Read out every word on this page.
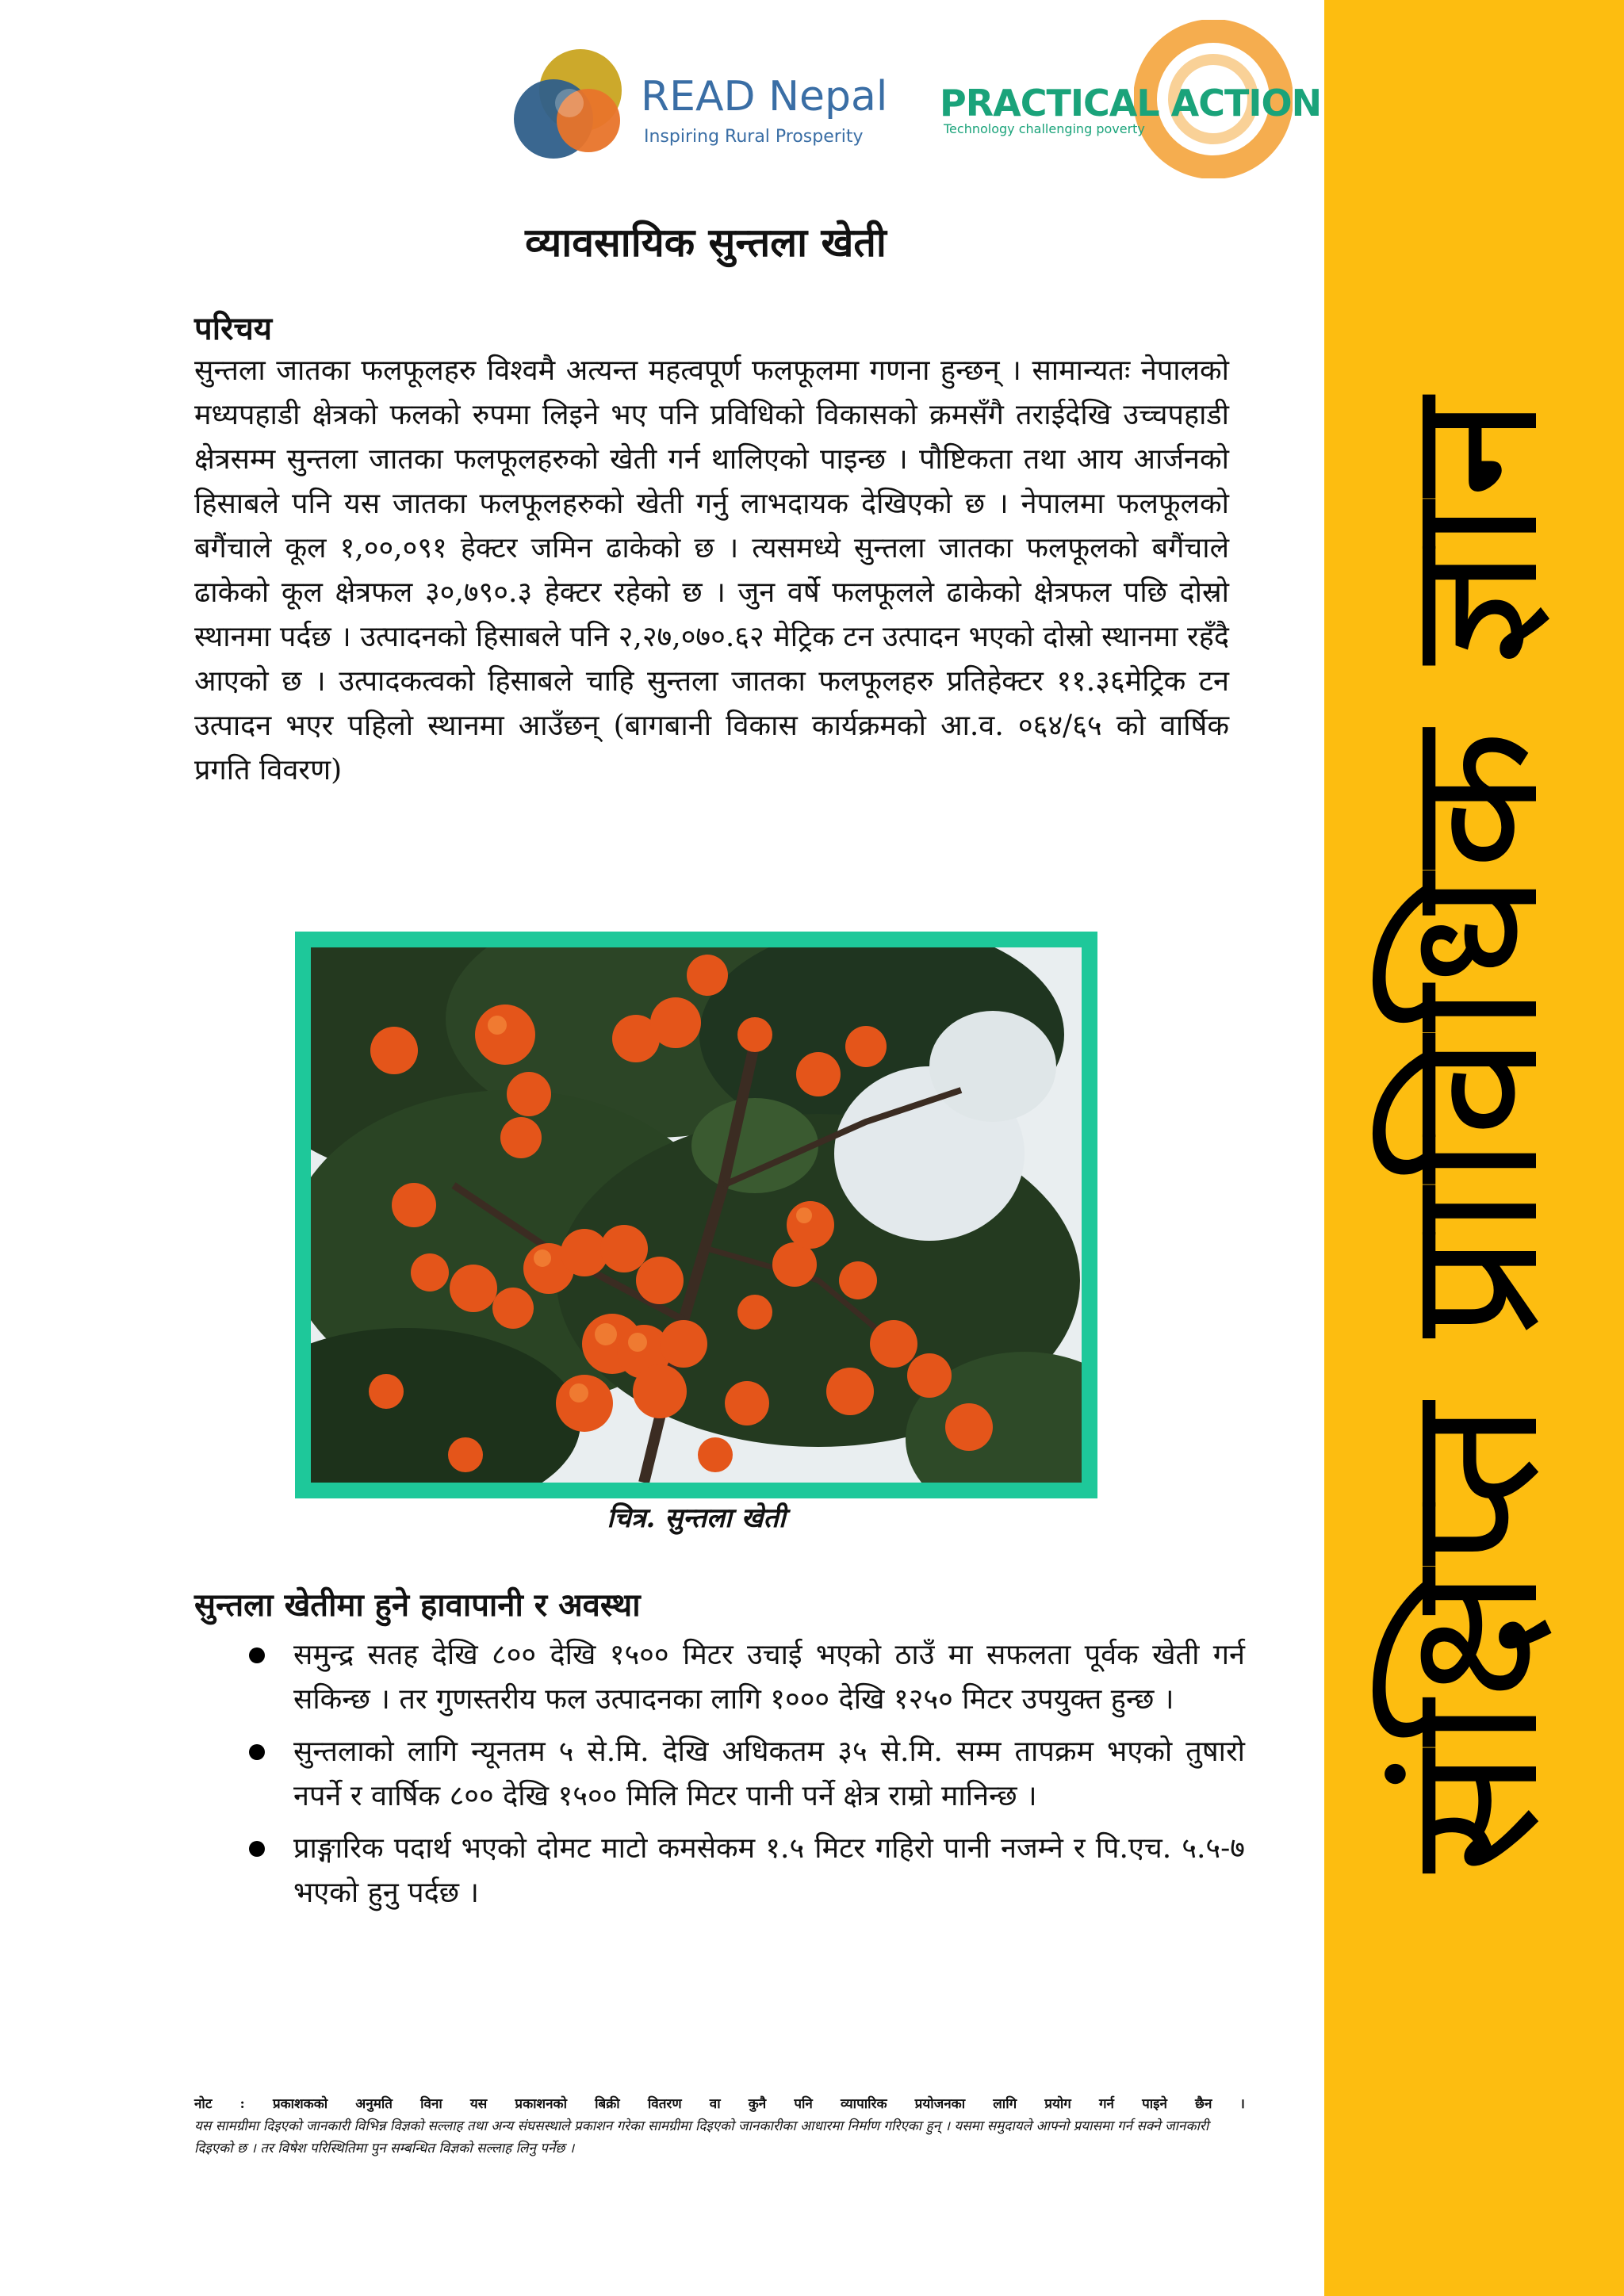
संक्षिप्त प्राविधिक ज्ञान
READ Nepal
Inspiring Rural Prosperity
PRACTICAL ACTION
Technology challenging poverty
व्यावसायिक सुन्तला खेती
परिचय

सुन्तला जातका फलफूलहरु विश्वमै अत्यन्त महत्वपूर्ण फलफूलमा गणना हुन्छन् । सामान्यतः नेपालको मध्यपहाडी क्षेत्रको फलको रुपमा लिइने भए पनि प्रविधिको विकासको क्रमसँगै तराईदेखि उच्चपहाडी क्षेत्रसम्म सुन्तला जातका फलफूलहरुको खेती गर्न थालिएको पाइन्छ । पौष्टिकता तथा आय आर्जनको हिसाबले पनि यस जातका फलफूलहरुको खेती गर्नु लाभदायक देखिएको छ । नेपालमा फलफूलको बगैंचाले कूल १,००,०९१ हेक्टर जमिन ढाकेको छ । त्यसमध्ये सुन्तला जातका फलफूलको बगैंचाले ढाकेको कूल क्षेत्रफल ३०,७९०.३ हेक्टर रहेको छ । जुन वर्षे फलफूलले ढाकेको क्षेत्रफल पछि दोस्रो स्थानमा पर्दछ । उत्पादनको हिसाबले पनि २,२७,०७०.६२ मेट्रिक टन उत्पादन भएको दोस्रो स्थानमा रहँदै आएको छ । उत्पादकत्वको हिसाबले चाहि सुन्तला जातका फलफूलहरु प्रतिहेक्टर ११.३६मेट्रिक टन उत्पादन भएर पहिलो स्थानमा आउँछन् (बागबानी विकास कार्यक्रमको आ.व. ०६४/६५ को वार्षिक प्रगति विवरण)

चित्र. सुन्तला खेती
सुन्तला खेतीमा हुने हावापानी र अवस्था
समुन्द्र सतह देखि ८०० देखि १५०० मिटर उचाई भएको ठाउँ मा सफलता पूर्वक खेती गर्न सकिन्छ । तर गुणस्तरीय फल उत्पादनका लागि १००० देखि १२५० मिटर उपयुक्त हुन्छ ।
सुन्तलाको लागि न्यूनतम ५ से.मि. देखि अधिकतम ३५ से.मि. सम्म तापक्रम भएको तुषारो नपर्ने र वार्षिक ८०० देखि १५०० मिलि मिटर पानी पर्ने क्षेत्र राम्रो मानिन्छ ।
प्राङ्गारिक पदार्थ भएको दोमट माटो कमसेकम १.५ मिटर गहिरो पानी नजम्ने र पि.एच. ५.५-७ भएको हुनु पर्दछ ।
नोट : प्रकाशकको अनुमति विना यस प्रकाशनको बिक्री वितरण वा कुनै पनि व्यापारिक प्रयोजनका लागि प्रयोग गर्न पाइने छैन ।
यस सामग्रीमा दिइएको जानकारी विभिन्न विज्ञको सल्लाह तथा अन्य संघसस्थाले प्रकाशन गरेका सामग्रीमा दिइएको जानकारीका आधारमा निर्माण गरिएका हुन् । यसमा समुदायले आफ्नो प्रयासमा गर्न सक्ने जानकारी दिइएको छ । तर विषेश परिस्थितिमा पुन सम्बन्धित विज्ञको सल्लाह लिनु पर्नेछ ।
